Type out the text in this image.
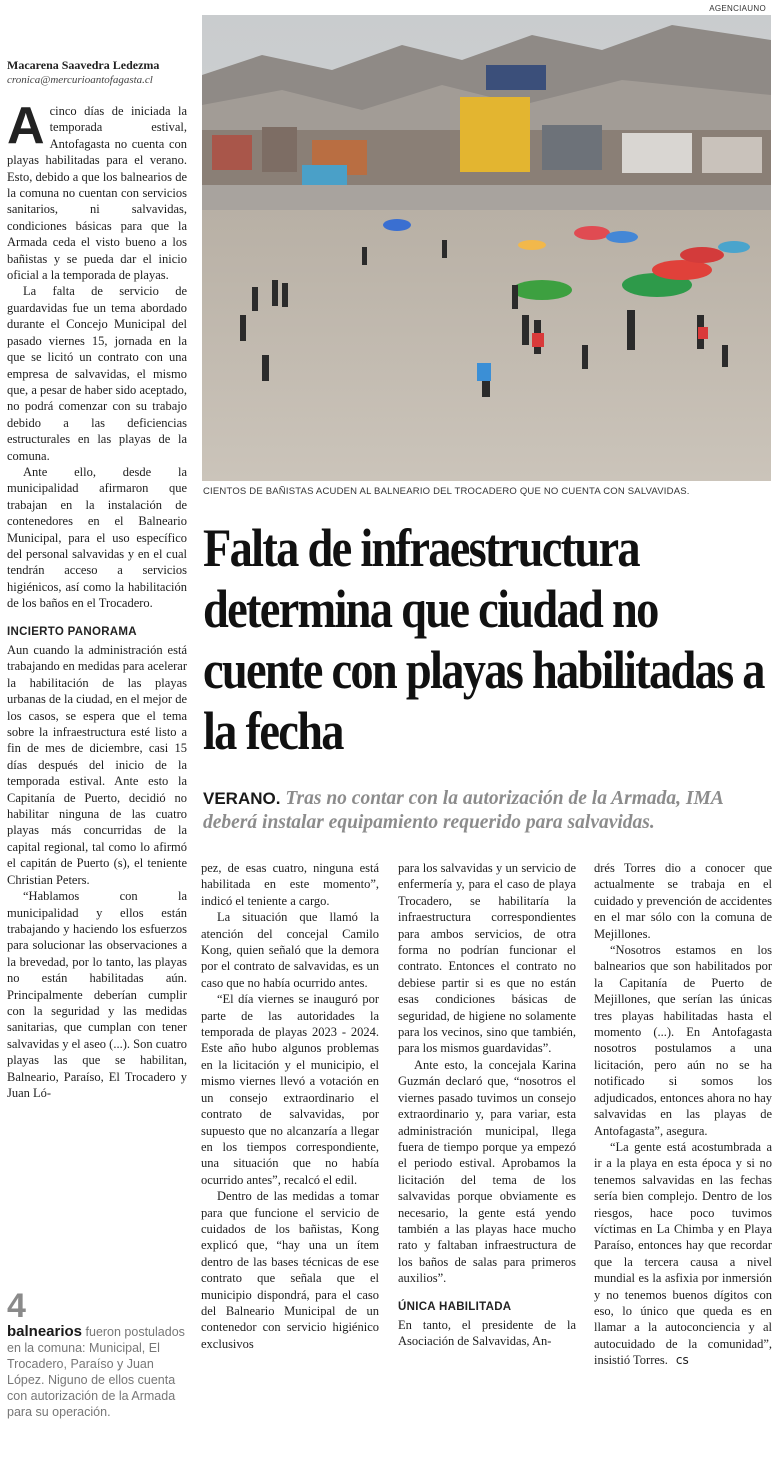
AGENCIAUNO
CIENTOS DE BAÑISTAS ACUDEN AL BALNEARIO DEL TROCADERO QUE NO CUENTA CON SALVAVIDAS.
Macarena Saavedra Ledezma
cronica@mercurioantofagasta.cl

Acinco días de iniciada la temporada estival, Antofagasta no cuenta con playas habilitadas para el verano. Esto, debido a que los balnearios de la comuna no cuentan con servicios sanitarios, ni salvavidas, condiciones básicas para que la Armada ceda el visto bueno a los bañistas y se pueda dar el inicio oficial a la temporada de playas.

La falta de servicio de guardavidas fue un tema abordado durante el Concejo Municipal del pasado viernes 15, jornada en la que se licitó un contrato con una empresa de salvavidas, el mismo que, a pesar de haber sido aceptado, no podrá comenzar con su trabajo debido a las deficiencias estructurales en las playas de la comuna.

Ante ello, desde la municipalidad afirmaron que trabajan en la instalación de contenedores en el Balneario Municipal, para el uso específico del personal salvavidas y en el cual tendrán acceso a servicios higiénicos, así como la habilitación de los baños en el Trocadero.

INCIERTO PANORAMA

Aun cuando la administración está trabajando en medidas para acelerar la habilitación de las playas urbanas de la ciudad, en el mejor de los casos, se espera que el tema sobre la infraestructura esté listo a fin de mes de diciembre, casi 15 días después del inicio de la temporada estival. Ante esto la Capitanía de Puerto, decidió no habilitar ninguna de las cuatro playas más concurridas de la capital regional, tal como lo afirmó el capitán de Puerto (s), el teniente Christian Peters.

“Hablamos con la municipalidad y ellos están trabajando y haciendo los esfuerzos para solucionar las observaciones a la brevedad, por lo tanto, las playas no están habilitadas aún. Principalmente deberían cumplir con la seguridad y las medidas sanitarias, que cumplan con tener salvavidas y el aseo (...). Son cuatro playas las que se habilitan, Balneario, Paraíso, El Trocadero y Juan Ló-

4
balnearios fueron postulados en la comuna: Municipal, El Trocadero, Paraíso y Juan López. Niguno de ellos cuenta con autorización de la Armada para su operación.
Falta de infraestructura determina que ciudad no cuente con playas habilitadas a la fecha
VERANO. Tras no contar con la autorización de la Armada, IMA deberá instalar equipamiento requerido para salvavidas.

pez, de esas cuatro, ninguna está habilitada en este momento”, indicó el teniente a cargo.

La situación que llamó la atención del concejal Camilo Kong, quien señaló que la demora por el contrato de salvavidas, es un caso que no había ocurrido antes.

“El día viernes se inauguró por parte de las autoridades la temporada de playas 2023 - 2024. Este año hubo algunos problemas en la licitación y el municipio, el mismo viernes llevó a votación en un consejo extraordinario el contrato de salvavidas, por supuesto que no alcanzaría a llegar en los tiempos correspondiente, una situación que no había ocurrido antes”, recalcó el edil.

Dentro de las medidas a tomar para que funcione el servicio de cuidados de los bañistas, Kong explicó que, “hay una un ítem dentro de las bases técnicas de ese contrato que señala que el municipio dispondrá, para el caso del Balneario Municipal de un contenedor con servicio higiénico exclusivos

para los salvavidas y un servicio de enfermería y, para el caso de playa Trocadero, se habilitaría la infraestructura correspondientes para ambos servicios, de otra forma no podrían funcionar el contrato. Entonces el contrato no debiese partir si es que no están esas condiciones básicas de seguridad, de higiene no solamente para los vecinos, sino que también, para los mismos guardavidas”.

Ante esto, la concejala Karina Guzmán declaró que, “nosotros el viernes pasado tuvimos un consejo extraordinario y, para variar, esta administración municipal, llega fuera de tiempo porque ya empezó el periodo estival. Aprobamos la licitación del tema de los salvavidas porque obviamente es necesario, la gente está yendo también a las playas hace mucho rato y faltaban infraestructura de los baños de salas para primeros auxilios”.

ÚNICA HABILITADA

En tanto, el presidente de la Asociación de Salvavidas, An-

drés Torres dio a conocer que actualmente se trabaja en el cuidado y prevención de accidentes en el mar sólo con la comuna de Mejillones.

“Nosotros estamos en los balnearios que son habilitados por la Capitanía de Puerto de Mejillones, que serían las únicas tres playas habilitadas hasta el momento (...). En Antofagasta nosotros postulamos a una licitación, pero aún no se ha notificado si somos los adjudicados, entonces ahora no hay salvavidas en las playas de Antofagasta”, asegura.

“La gente está acostumbrada a ir a la playa en esta época y si no tenemos salvavidas en las fechas sería bien complejo. Dentro de los riesgos, hace poco tuvimos víctimas en La Chimba y en Playa Paraíso, entonces hay que recordar que la tercera causa a nivel mundial es la asfixia por inmersión y no tenemos buenos dígitos con eso, lo único que queda es en llamar a la autoconciencia y al autocuidado de la comunidad”, insistió Torres. cs
